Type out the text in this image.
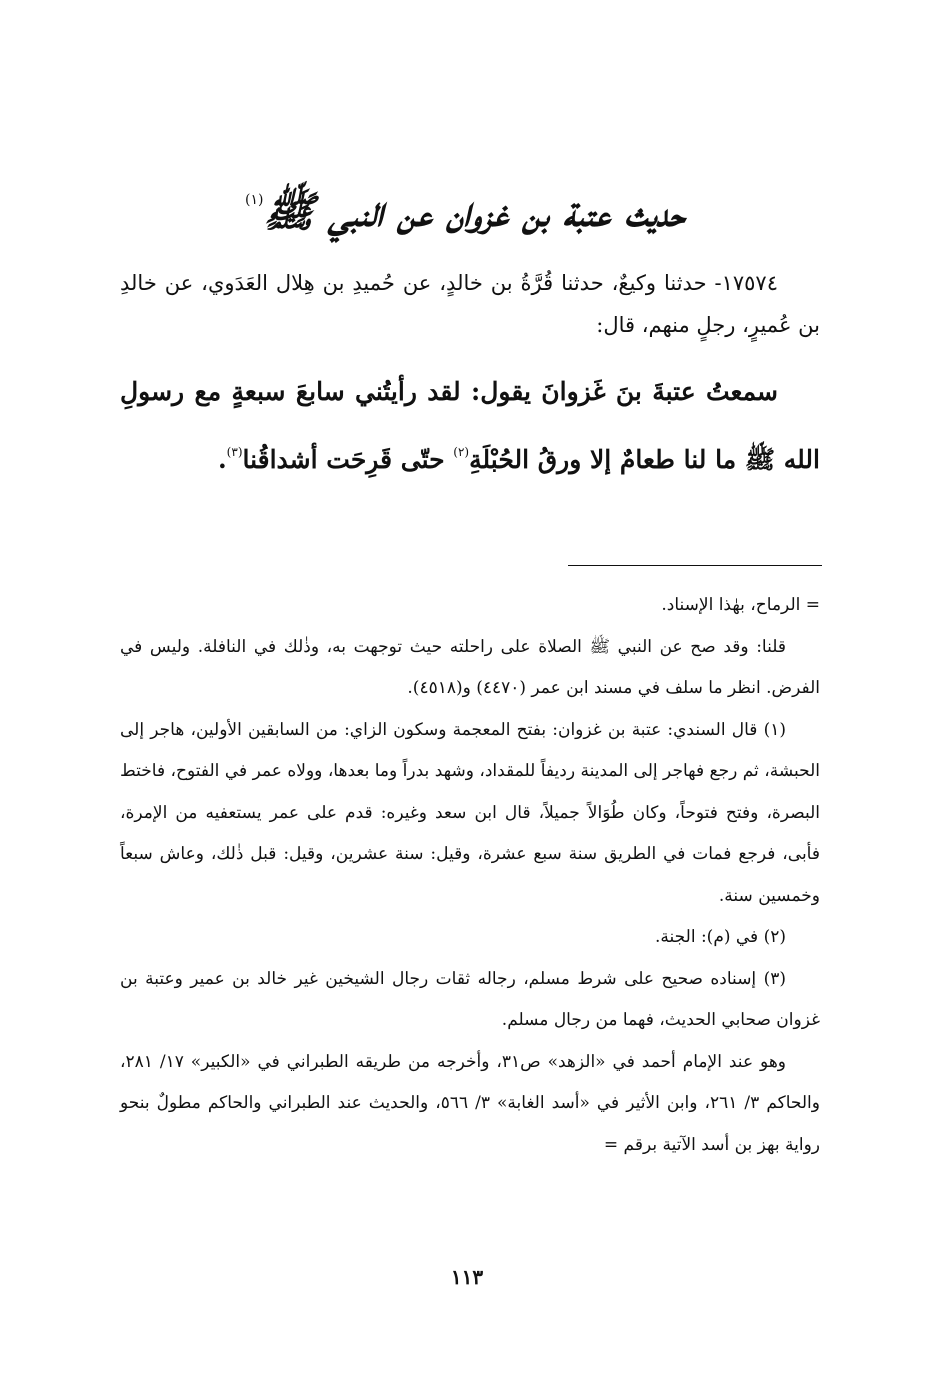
حديث عتبة بن غزوان عن النبي ﷺ$^{(١)}$

١٧٥٧٤- حدثنا وكيعٌ، حدثنا قُرَّةُ بن خالدٍ، عن حُميدِ بن هِلال العَدَوي، عن خالدِ بن عُميرٍ، رجلٍ منهم، قال:

سمعتُ عتبةَ بنَ غَزوانَ يقول: لقد رأيتُني سابعَ سبعةٍ مع رسولِ الله ﷺ ما لنا طعامٌ إلا ورقُ الحُبْلَةِ$^{(٢)}$ حتّى قَرِحَت أشداقُنا$^{(٣)}$.

= الرماح، بهٰذا الإسناد.

قلنا: وقد صح عن النبي ﷺ الصلاة على راحلته حيث توجهت به، وذٰلك في النافلة. وليس في الفرض. انظر ما سلف في مسند ابن عمر (٤٤٧٠) و(٤٥١٨).

(١) قال السندي: عتبة بن غزوان: بفتح المعجمة وسكون الزاي: من السابقين الأولين، هاجر إلى الحبشة، ثم رجع فهاجر إلى المدينة رديفاً للمقداد، وشهد بدراً وما بعدها، وولاه عمر في الفتوح، فاختط البصرة، وفتح فتوحاً، وكان طُوَالاً جميلاً، قال ابن سعد وغيره: قدم على عمر يستعفيه من الإمرة، فأبى، فرجع فمات في الطريق سنة سبع عشرة، وقيل: سنة عشرين، وقيل: قبل ذٰلك، وعاش سبعاً وخمسين سنة.

(٢) في (م): الجنة.

(٣) إسناده صحيح على شرط مسلم، رجاله ثقات رجال الشيخين غير خالد بن عمير وعتبة بن غزوان صحابي الحديث، فهما من رجال مسلم.

وهو عند الإمام أحمد في «الزهد» ص٣١، وأخرجه من طريقه الطبراني في «الكبير» ١٧/ ٢٨١، والحاكم ٣/ ٢٦١، وابن الأثير في «أسد الغابة» ٣/ ٥٦٦، والحديث عند الطبراني والحاكم مطولٌ بنحو رواية بهز بن أسد الآتية برقم =

١١٣
